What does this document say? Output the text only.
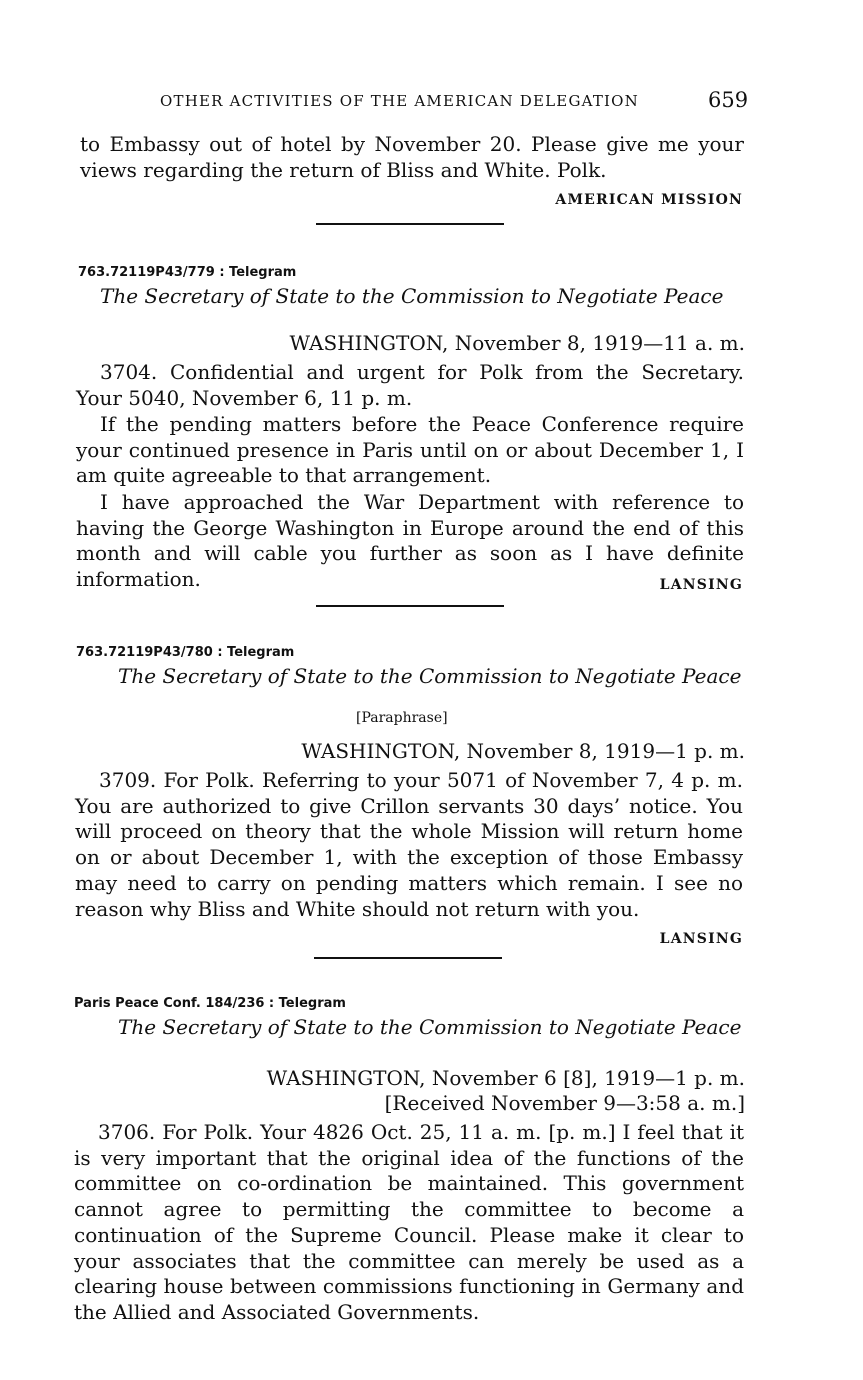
OTHER ACTIVITIES OF THE AMERICAN DELEGATION	659
to Embassy out of hotel by November 20. Please give me your views regarding the return of Bliss and White. Polk.
AMERICAN MISSION
763.72119P43/779 : Telegram
The Secretary of State to the Commission to Negotiate Peace
WASHINGTON, November 8, 1919—11 a. m.
3704. Confidential and urgent for Polk from the Secretary. Your 5040, November 6, 11 p. m.
If the pending matters before the Peace Conference require your continued presence in Paris until on or about December 1, I am quite agreeable to that arrangement.
I have approached the War Department with reference to having the George Washington in Europe around the end of this month and will cable you further as soon as I have definite information.	LANSING
763.72119P43/780 : Telegram
The Secretary of State to the Commission to Negotiate Peace
[Paraphrase]
WASHINGTON, November 8, 1919—1 p. m.
3709. For Polk. Referring to your 5071 of November 7, 4 p. m. You are authorized to give Crillon servants 30 days’ notice. You will proceed on theory that the whole Mission will return home on or about December 1, with the exception of those Embassy may need to carry on pending matters which remain. I see no reason why Bliss and White should not return with you.
LANSING
Paris Peace Conf. 184/236 : Telegram
The Secretary of State to the Commission to Negotiate Peace
WASHINGTON, November 6 [8], 1919—1 p. m.
[Received November 9—3:58 a. m.]
3706. For Polk. Your 4826 Oct. 25, 11 a. m. [p. m.] I feel that it is very important that the original idea of the functions of the committee on co-ordination be maintained. This government cannot agree to permitting the committee to become a continuation of the Supreme Council. Please make it clear to your associates that the committee can merely be used as a clearing house between commissions functioning in Germany and the Allied and Associated Governments.
